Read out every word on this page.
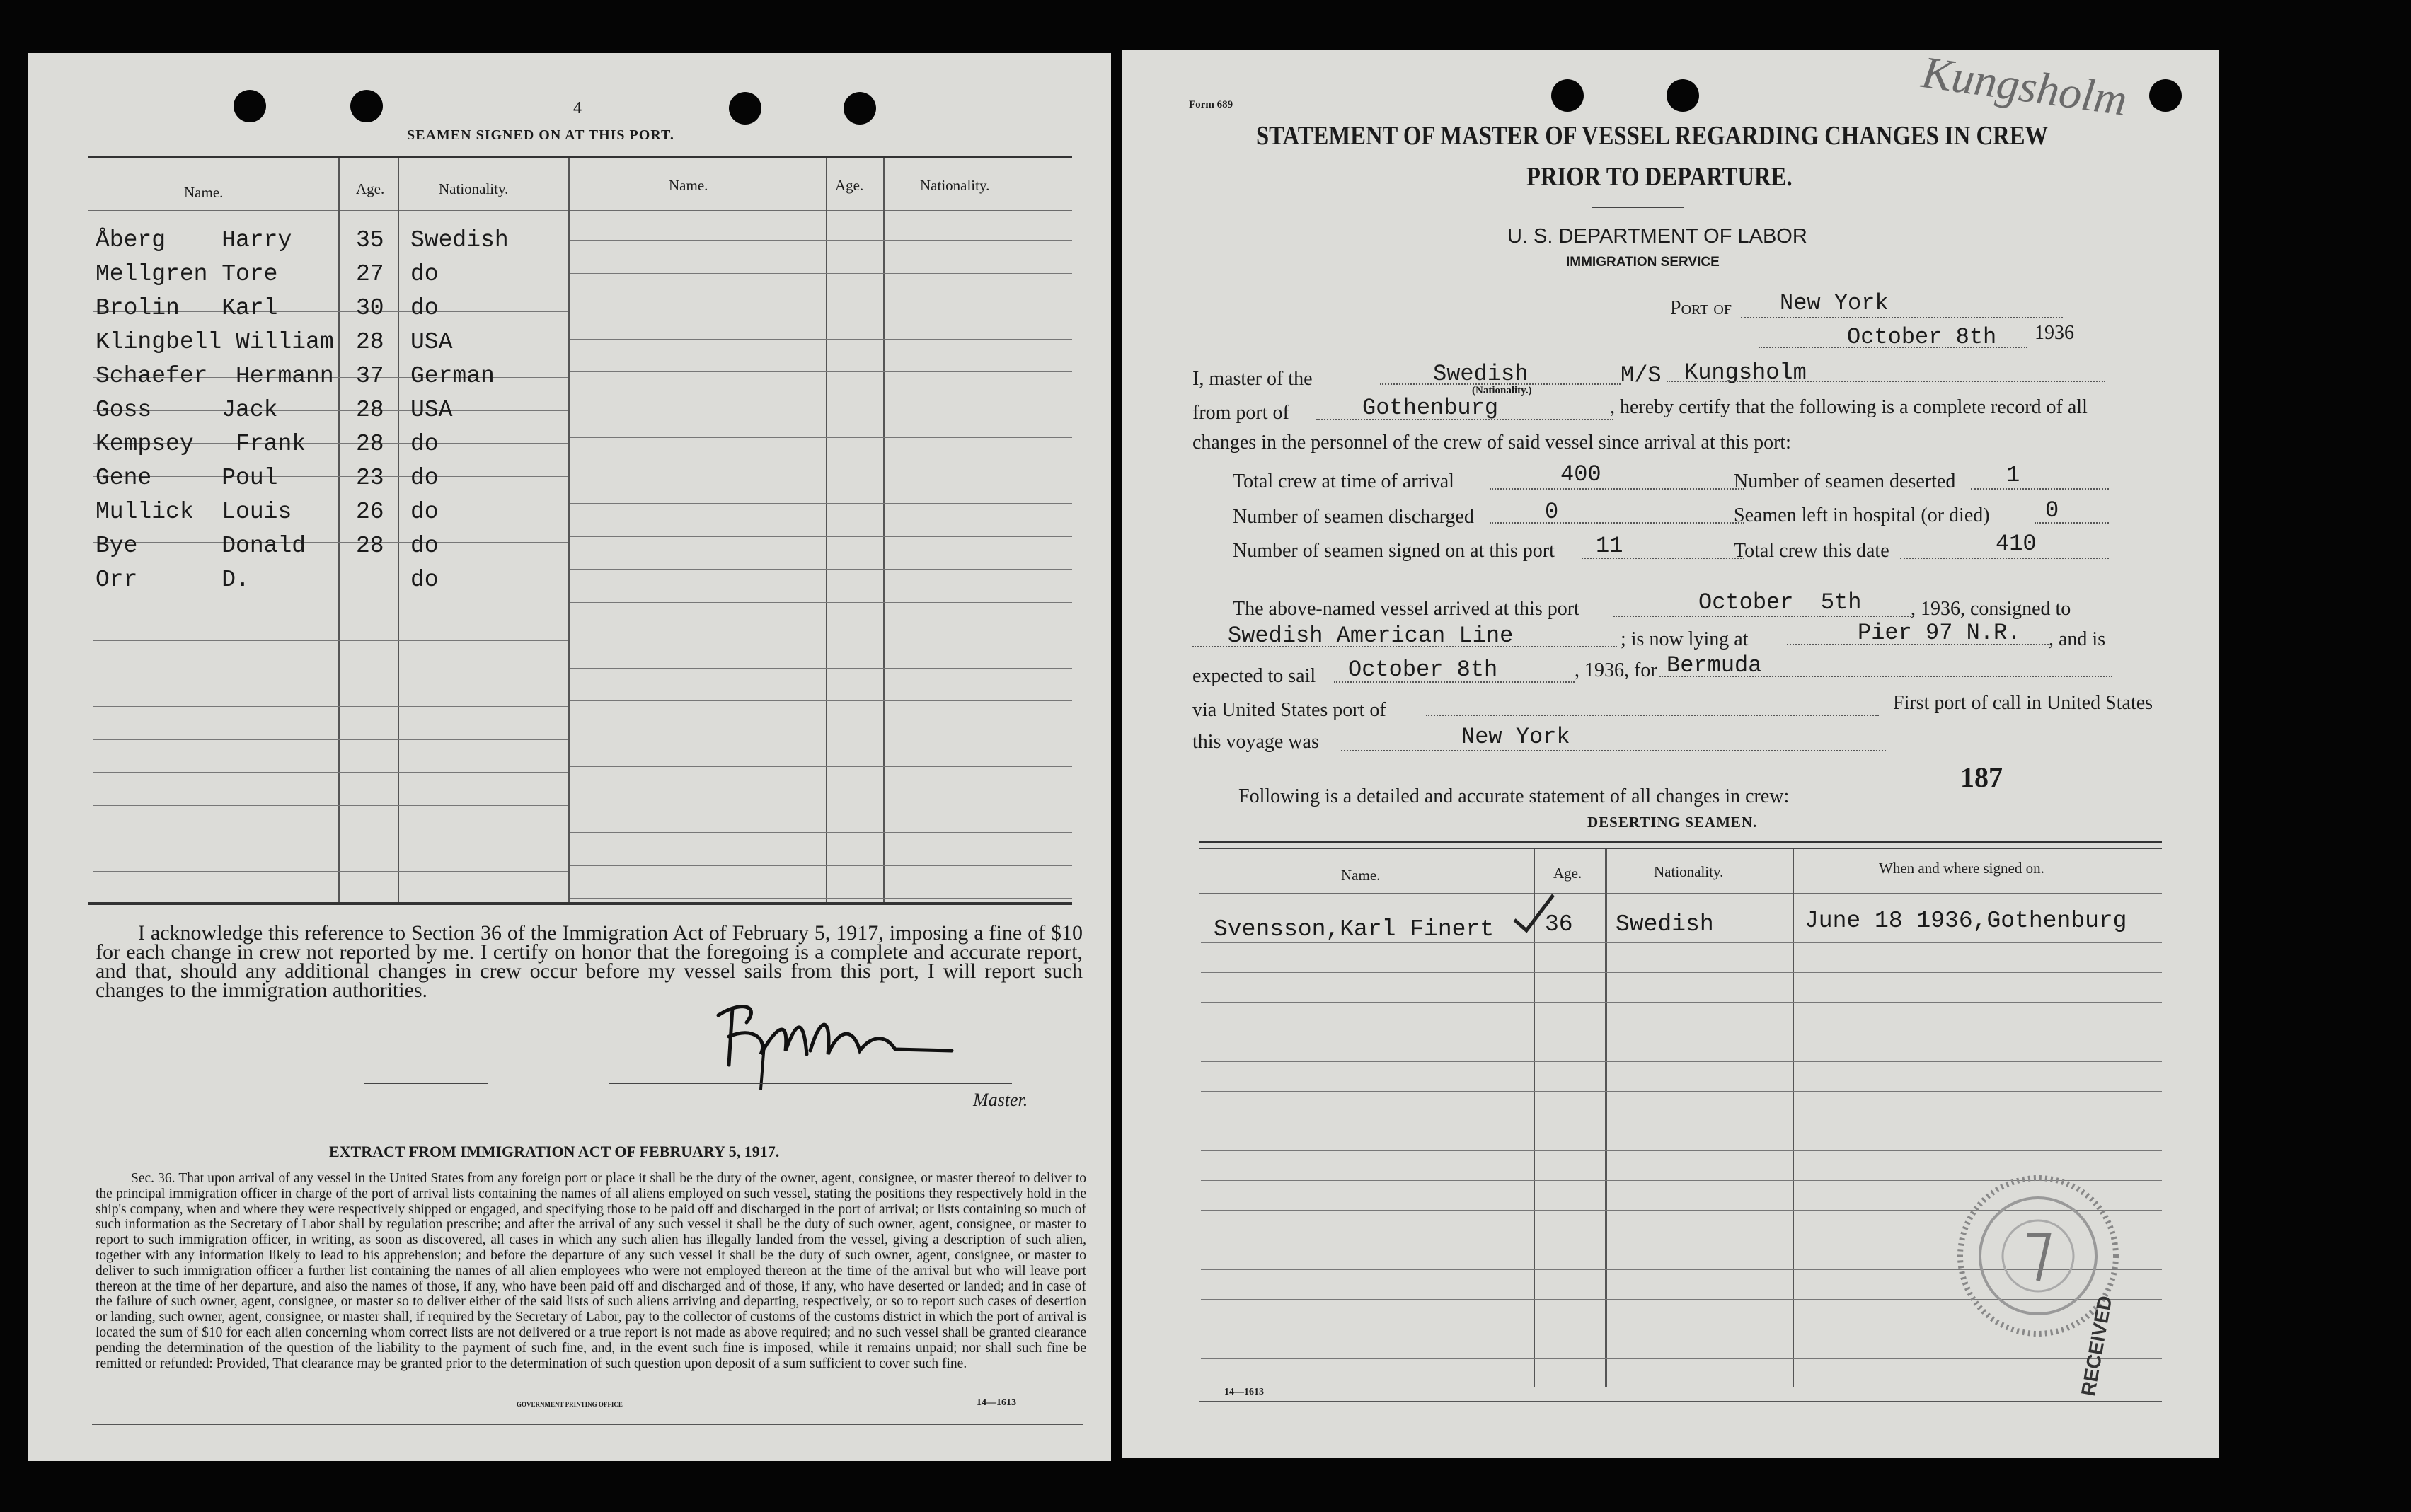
4
SEAMEN SIGNED ON AT THIS PORT.
Name.	Age.	Nationality.	Name.	Age.	Nationality.
Åberg    Harry	35 Swedish
Mellgren Tore	27 do
Brolin   Karl	30 do
Klingbell William 28 USA
Schaefer  Hermann 37 German
Goss     Jack	28 USA
Kempsey   Frank 28 do
Gene     Poul	23 do
Mullick  Louis	26 do
Bye      Donald 28 do
Orr      D.	do
I acknowledge this reference to Section 36 of the Immigration Act of February 5, 1917, imposing a fine of $10 for each change in crew not reported by me. I certify on honor that the foregoing is a complete and accurate report, and that, should any additional changes in crew occur before my vessel sails from this port, I will report such changes to the immigration authorities.
Master.
EXTRACT FROM IMMIGRATION ACT OF FEBRUARY 5, 1917.
Sec. 36. That upon arrival of any vessel in the United States from any foreign port or place it shall be the duty of the owner, agent, consignee, or master thereof to deliver to the principal immigration officer in charge of the port of arrival lists containing the names of all aliens employed on such vessel, stating the positions they respectively hold in the ship's company, when and where they were respectively shipped or engaged, and specifying those to be paid off and discharged in the port of arrival; or lists containing so much of such information as the Secretary of Labor shall by regulation prescribe; and after the arrival of any such vessel it shall be the duty of such owner, agent, consignee, or master to report to such immigration officer, in writing, as soon as discovered, all cases in which any such alien has illegally landed from the vessel, giving a description of such alien, together with any information likely to lead to his apprehension; and before the departure of any such vessel it shall be the duty of such owner, agent, consignee, or master to deliver to such immigration officer a further list containing the names of all alien employees who were not employed thereon at the time of the arrival but who will leave port thereon at the time of her departure, and also the names of those, if any, who have been paid off and discharged and of those, if any, who have deserted or landed; and in case of the failure of such owner, agent, consignee, or master so to deliver either of the said lists of such aliens arriving and departing, respectively, or so to report such cases of desertion or landing, such owner, agent, consignee, or master shall, if required by the Secretary of Labor, pay to the collector of customs of the customs district in which the port of arrival is located the sum of $10 for each alien concerning whom correct lists are not delivered or a true report is not made as above required; and no such vessel shall be granted clearance pending the determination of the question of the liability to the payment of such fine, and, in the event such fine is imposed, while it remains unpaid; nor shall such fine be remitted or refunded: Provided, That clearance may be granted prior to the determination of such question upon deposit of a sum sufficient to cover such fine.
GOVERNMENT PRINTING OFFICE	14—1613
Form 689	Kungsholm
STATEMENT OF MASTER OF VESSEL REGARDING CHANGES IN CREW
PRIOR TO DEPARTURE.
U. S. DEPARTMENT OF LABOR
IMMIGRATION SERVICE
Port of New York
October 8th 1936
I, master of the	Swedish
(Nationality.)
M/S Kungsholm
from port of	Gothenburg	, hereby certify that the following is a complete record of all
changes in the personnel of the crew of said vessel since arrival at this port:
Total crew at time of arrival	400
Number of seamen discharged	0
Number of seamen signed on at this port 11
Number of seamen deserted 1
Seamen left in hospital (or died) 0
Total crew this date	410
The above-named vessel arrived at this port	October  5th , 1936, consigned to
Swedish American Line	; is now lying at	Pier 97 N.R. , and is
expected to sail October 8th	, 1936, for Bermuda
via United States port of	First port of call in United States
this voyage was	New York
187
Following is a detailed and accurate statement of all changes in crew:
DESERTING SEAMEN.
Name.	Age.	Nationality.	When and where signed on.
Svensson,Karl Finert 36 Swedish	June 18 1936,Gothenburg
RECEIVED
14—1613
